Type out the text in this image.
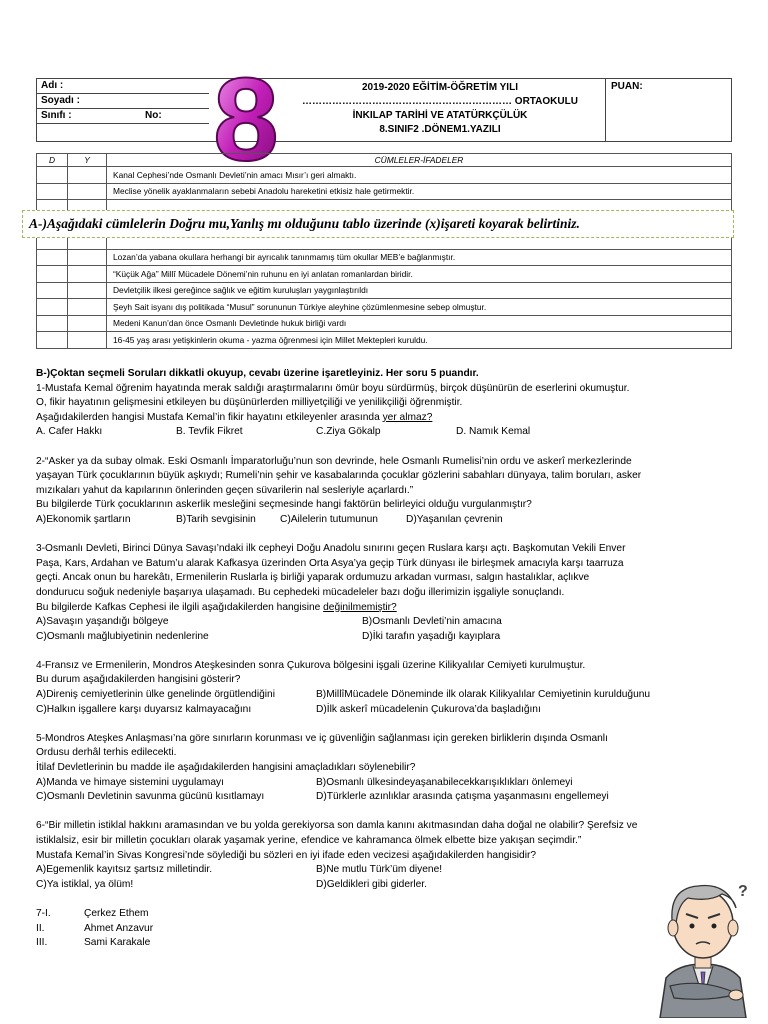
Adı :
Soyadı :
Sınıfı :	No:
2019-2020 EĞİTİM-ÖĞRETİM YILI
……………………………………………………… ORTAOKULU
İNKILAP TARİHİ VE ATATÜRKÇÜLÜK
8.SINIF2 .DÖNEM1.YAZILI
PUAN:
8
D	Y	CÜMLELER-İFADELER
		Kanal Cephesi’nde Osmanlı Devleti’nin amacı Mısır’ı geri almaktı.
		Meclise yönelik ayaklanmaların sebebi Anadolu hareketini etkisiz hale getirmektir.

		Lozan’da yabana okullara herhangi bir ayrıcalık tanınmamış tüm okullar MEB’e bağlanmıştır.
		“Küçük Ağa” Millî Mücadele Dönemi’nin ruhunu en iyi anlatan romanlardan biridir.
		Devletçilik ilkesi gereğince sağlık ve eğitim kuruluşları yaygınlaştırıldı
		Şeyh Sait isyanı dış politikada “Musul” sorununun Türkiye aleyhine çözümlenmesine sebep olmuştur.
		Medeni Kanun’dan önce Osmanlı Devletinde hukuk birliği vardı
		16-45 yaş arası yetişkinlerin okuma - yazma öğrenmesi için Millet Mektepleri kuruldu.
A-)Aşağıdaki cümlelerin Doğru mu,Yanlış mı olduğunu tablo üzerinde (x)işareti koyarak belirtiniz.

B-)Çoktan seçmeli Soruları dikkatli okuyup, cevabı üzerine işaretleyiniz. Her soru 5 puandır.

1-Mustafa Kemal öğrenim hayatında merak saldığı araştırmalarını ömür boyu sürdürmüş, birçok düşünürün de eserlerini okumuştur.

O, fikir hayatının gelişmesini etkileyen bu düşünürlerden milliyetçiliği ve yenilikçiliği öğrenmiştir.

Aşağıdakilerden hangisi Mustafa Kemal’in fikir hayatını etkileyenler arasında yer almaz?

A. Cafer Hakkı	B. Tevfik Fikret	C.Ziya Gökalp	D. Namık Kemal

2-“Asker ya da subay olmak. Eski Osmanlı İmparatorluğu’nun son devrinde, hele Osmanlı Rumelisi’nin ordu ve askerî merkezlerinde

yaşayan Türk çocuklarının büyük aşkıydı; Rumeli’nin şehir ve kasabalarında çocuklar gözlerini sabahları dünyaya, talim boruları, asker

mızıkaları yahut da kapılarının önlerinden geçen süvarilerin nal sesleriyle açarlardı.”

Bu bilgilerde Türk çocuklarının askerlik mesleğini seçmesinde hangi faktörün belirleyici olduğu vurgulanmıştır?

A)Ekonomik şartların	B)Tarih sevgisinin	C)Ailelerin tutumunun	D)Yaşanılan çevrenin

3-Osmanlı Devleti, Birinci Dünya Savaşı’ndaki ilk cepheyi Doğu Anadolu sınırını geçen Ruslara karşı açtı. Başkomutan Vekili Enver

Paşa, Kars, Ardahan ve Batum’u alarak Kafkasya üzerinden Orta Asya’ya geçip Türk dünyası ile birleşmek amacıyla karşı taarruza

geçti. Ancak onun bu harekâtı, Ermenilerin Ruslarla iş birliği yaparak ordumuzu arkadan vurması, salgın hastalıklar, açlıkve

dondurucu soğuk nedeniyle başarıya ulaşamadı. Bu cephedeki mücadeleler bazı doğu illerimizin işgaliyle sonuçlandı.

Bu bilgilerde Kafkas Cephesi ile ilgili aşağıdakilerden hangisine değinilmemiştir?

A)Savaşın yaşandığı bölgeye	B)Osmanlı Devleti’nin amacına
C)Osmanlı mağlubiyetinin nedenlerine	D)İki tarafın yaşadığı kayıplara

4-Fransız ve Ermenilerin, Mondros Ateşkesinden sonra Çukurova bölgesini işgali üzerine Kilikyalılar Cemiyeti kurulmuştur.

Bu durum aşağıdakilerden hangisini gösterir?

A)Direniş cemiyetlerinin ülke genelinde örgütlendiğini	B)MillîMücadele Döneminde ilk olarak Kilikyalılar Cemiyetinin kurulduğunu
C)Halkın işgallere karşı duyarsız kalmayacağını	D)İlk askerî mücadelenin Çukurova’da başladığını

5-Mondros Ateşkes Anlaşması’na göre sınırların korunması ve iç güvenliğin sağlanması için gereken birliklerin dışında Osmanlı

Ordusu derhâl terhis edilecekti.

İtilaf Devletlerinin bu madde ile aşağıdakilerden hangisini amaçladıkları söylenebilir?

A)Manda ve himaye sistemini uygulamayı	B)Osmanlı ülkesindeyaşanabilecekkarışıklıkları önlemeyi
C)Osmanlı Devletinin savunma gücünü kısıtlamayı	D)Türklerle azınlıklar arasında çatışma yaşanmasını engellemeyi

6-“Bir milletin istiklal hakkını aramasından ve bu yolda gerekiyorsa son damla kanını akıtmasından daha doğal ne olabilir? Şerefsiz ve

istiklalsiz, esir bir milletin çocukları olarak yaşamak yerine, efendice ve kahramanca ölmek elbette bize yakışan seçimdir.”

Mustafa Kemal’in Sivas Kongresi’nde söylediği bu sözleri en iyi ifade eden vecizesi aşağıdakilerden hangisidir?

A)Egemenlik kayıtsız şartsız milletindir.	B)Ne mutlu Türk’üm diyene!
C)Ya istiklal, ya ölüm!	D)Geldikleri gibi giderler.
7-I.	Çerkez Ethem
II.	Ahmet Anzavur
III.	Sami Karakale
?
